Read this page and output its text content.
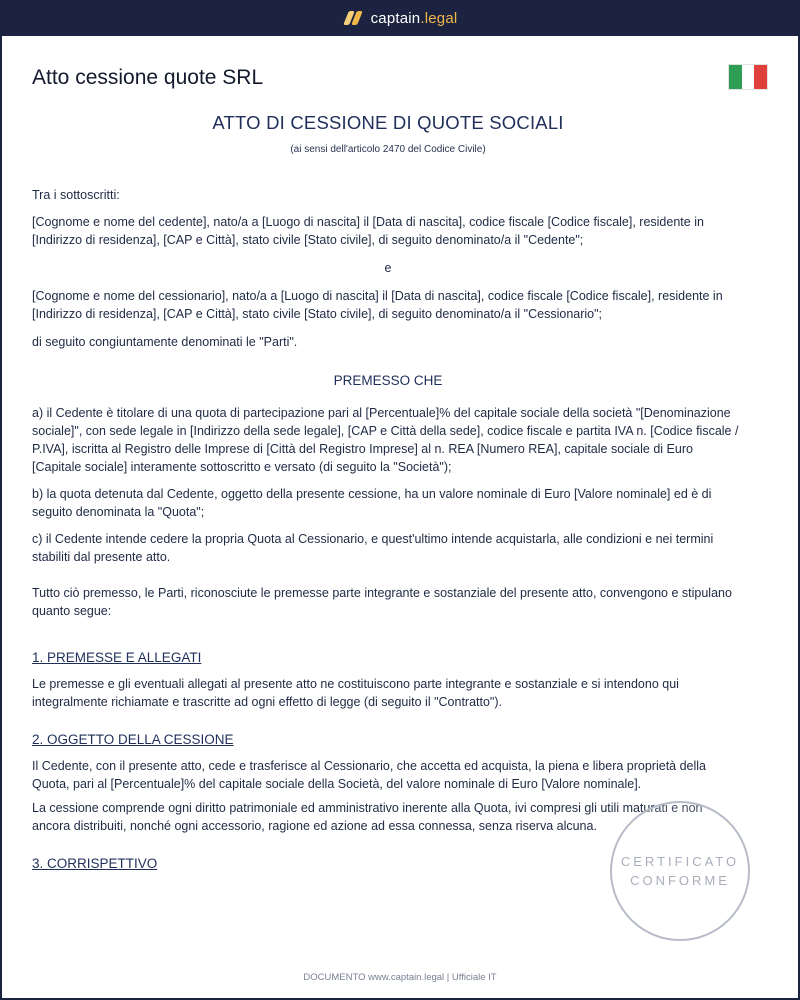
captain.legal
Atto cessione quote SRL
ATTO DI CESSIONE DI QUOTE SOCIALI
(ai sensi dell'articolo 2470 del Codice Civile)
Tra i sottoscritti:
[Cognome e nome del cedente], nato/a a [Luogo di nascita] il [Data di nascita], codice fiscale [Codice fiscale], residente in [Indirizzo di residenza], [CAP e Città], stato civile [Stato civile], di seguito denominato/a il "Cedente";
e
[Cognome e nome del cessionario], nato/a a [Luogo di nascita] il [Data di nascita], codice fiscale [Codice fiscale], residente in [Indirizzo di residenza], [CAP e Città], stato civile [Stato civile], di seguito denominato/a il "Cessionario";
di seguito congiuntamente denominati le "Parti".
PREMESSO CHE
a) il Cedente è titolare di una quota di partecipazione pari al [Percentuale]% del capitale sociale della società "[Denominazione sociale]", con sede legale in [Indirizzo della sede legale], [CAP e Città della sede], codice fiscale e partita IVA n. [Codice fiscale / P.IVA], iscritta al Registro delle Imprese di [Città del Registro Imprese] al n. REA [Numero REA], capitale sociale di Euro [Capitale sociale] interamente sottoscritto e versato (di seguito la "Società");
b) la quota detenuta dal Cedente, oggetto della presente cessione, ha un valore nominale di Euro [Valore nominale] ed è di seguito denominata la "Quota";
c) il Cedente intende cedere la propria Quota al Cessionario, e quest'ultimo intende acquistarla, alle condizioni e nei termini stabiliti dal presente atto.
Tutto ciò premesso, le Parti, riconosciute le premesse parte integrante e sostanziale del presente atto, convengono e stipulano quanto segue:
1. PREMESSE E ALLEGATI
Le premesse e gli eventuali allegati al presente atto ne costituiscono parte integrante e sostanziale e si intendono qui integralmente richiamate e trascritte ad ogni effetto di legge (di seguito il "Contratto").
2. OGGETTO DELLA CESSIONE
Il Cedente, con il presente atto, cede e trasferisce al Cessionario, che accetta ed acquista, la piena e libera proprietà della Quota, pari al [Percentuale]% del capitale sociale della Società, del valore nominale di Euro [Valore nominale].
La cessione comprende ogni diritto patrimoniale ed amministrativo inerente alla Quota, ivi compresi gli utili maturati e non ancora distribuiti, nonché ogni accessorio, ragione ed azione ad essa connessa, senza riserva alcuna.
3. CORRISPETTIVO	CERTIFICATO
CONFORME
DOCUMENTO www.captain.legal | Ufficiale IT
